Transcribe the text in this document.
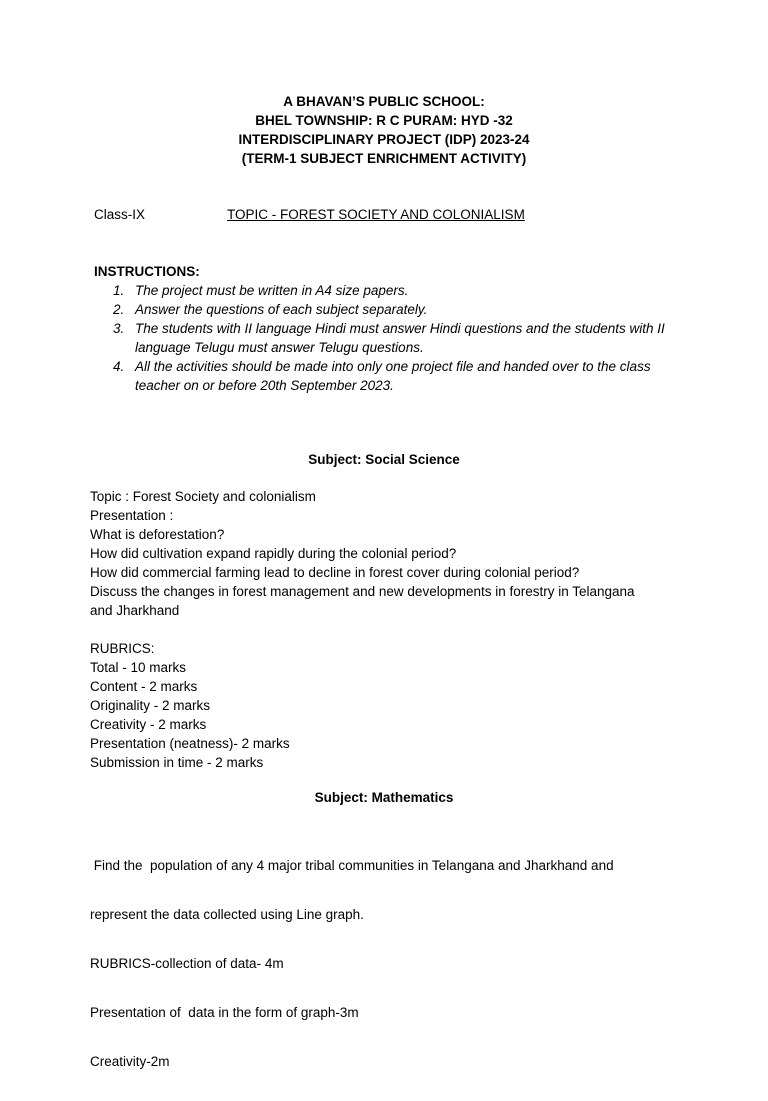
A BHAVAN’S PUBLIC SCHOOL:
BHEL TOWNSHIP: R C PURAM: HYD -32
INTERDISCIPLINARY PROJECT (IDP) 2023-24
(TERM-1 SUBJECT ENRICHMENT ACTIVITY)
Class-IX	TOPIC - FOREST SOCIETY AND COLONIALISM
INSTRUCTIONS:
1. The project must be written in A4 size papers.
2. Answer the questions of each subject separately.
3. The students with II language Hindi must answer Hindi questions and the students with II language Telugu must answer Telugu questions.
4. All the activities should be made into only one project file and handed over to the class teacher on or before 20th September 2023.
Subject: Social Science
Topic : Forest Society and colonialism
Presentation :
What is deforestation?
How did cultivation expand rapidly during the colonial period?
How did commercial farming lead to decline in forest cover during colonial period?
Discuss the changes in forest management and new developments in forestry in Telangana
and Jharkhand
RUBRICS:
Total - 10 marks
Content - 2 marks
Originality - 2 marks
Creativity - 2 marks
Presentation (neatness)- 2 marks
Submission in time - 2 marks
Subject: Mathematics

Find the  population of any 4 major tribal communities in Telangana and Jharkhand and

represent the data collected using Line graph.

RUBRICS-collection of data- 4m

Presentation of  data in the form of graph-3m

Creativity-2m
